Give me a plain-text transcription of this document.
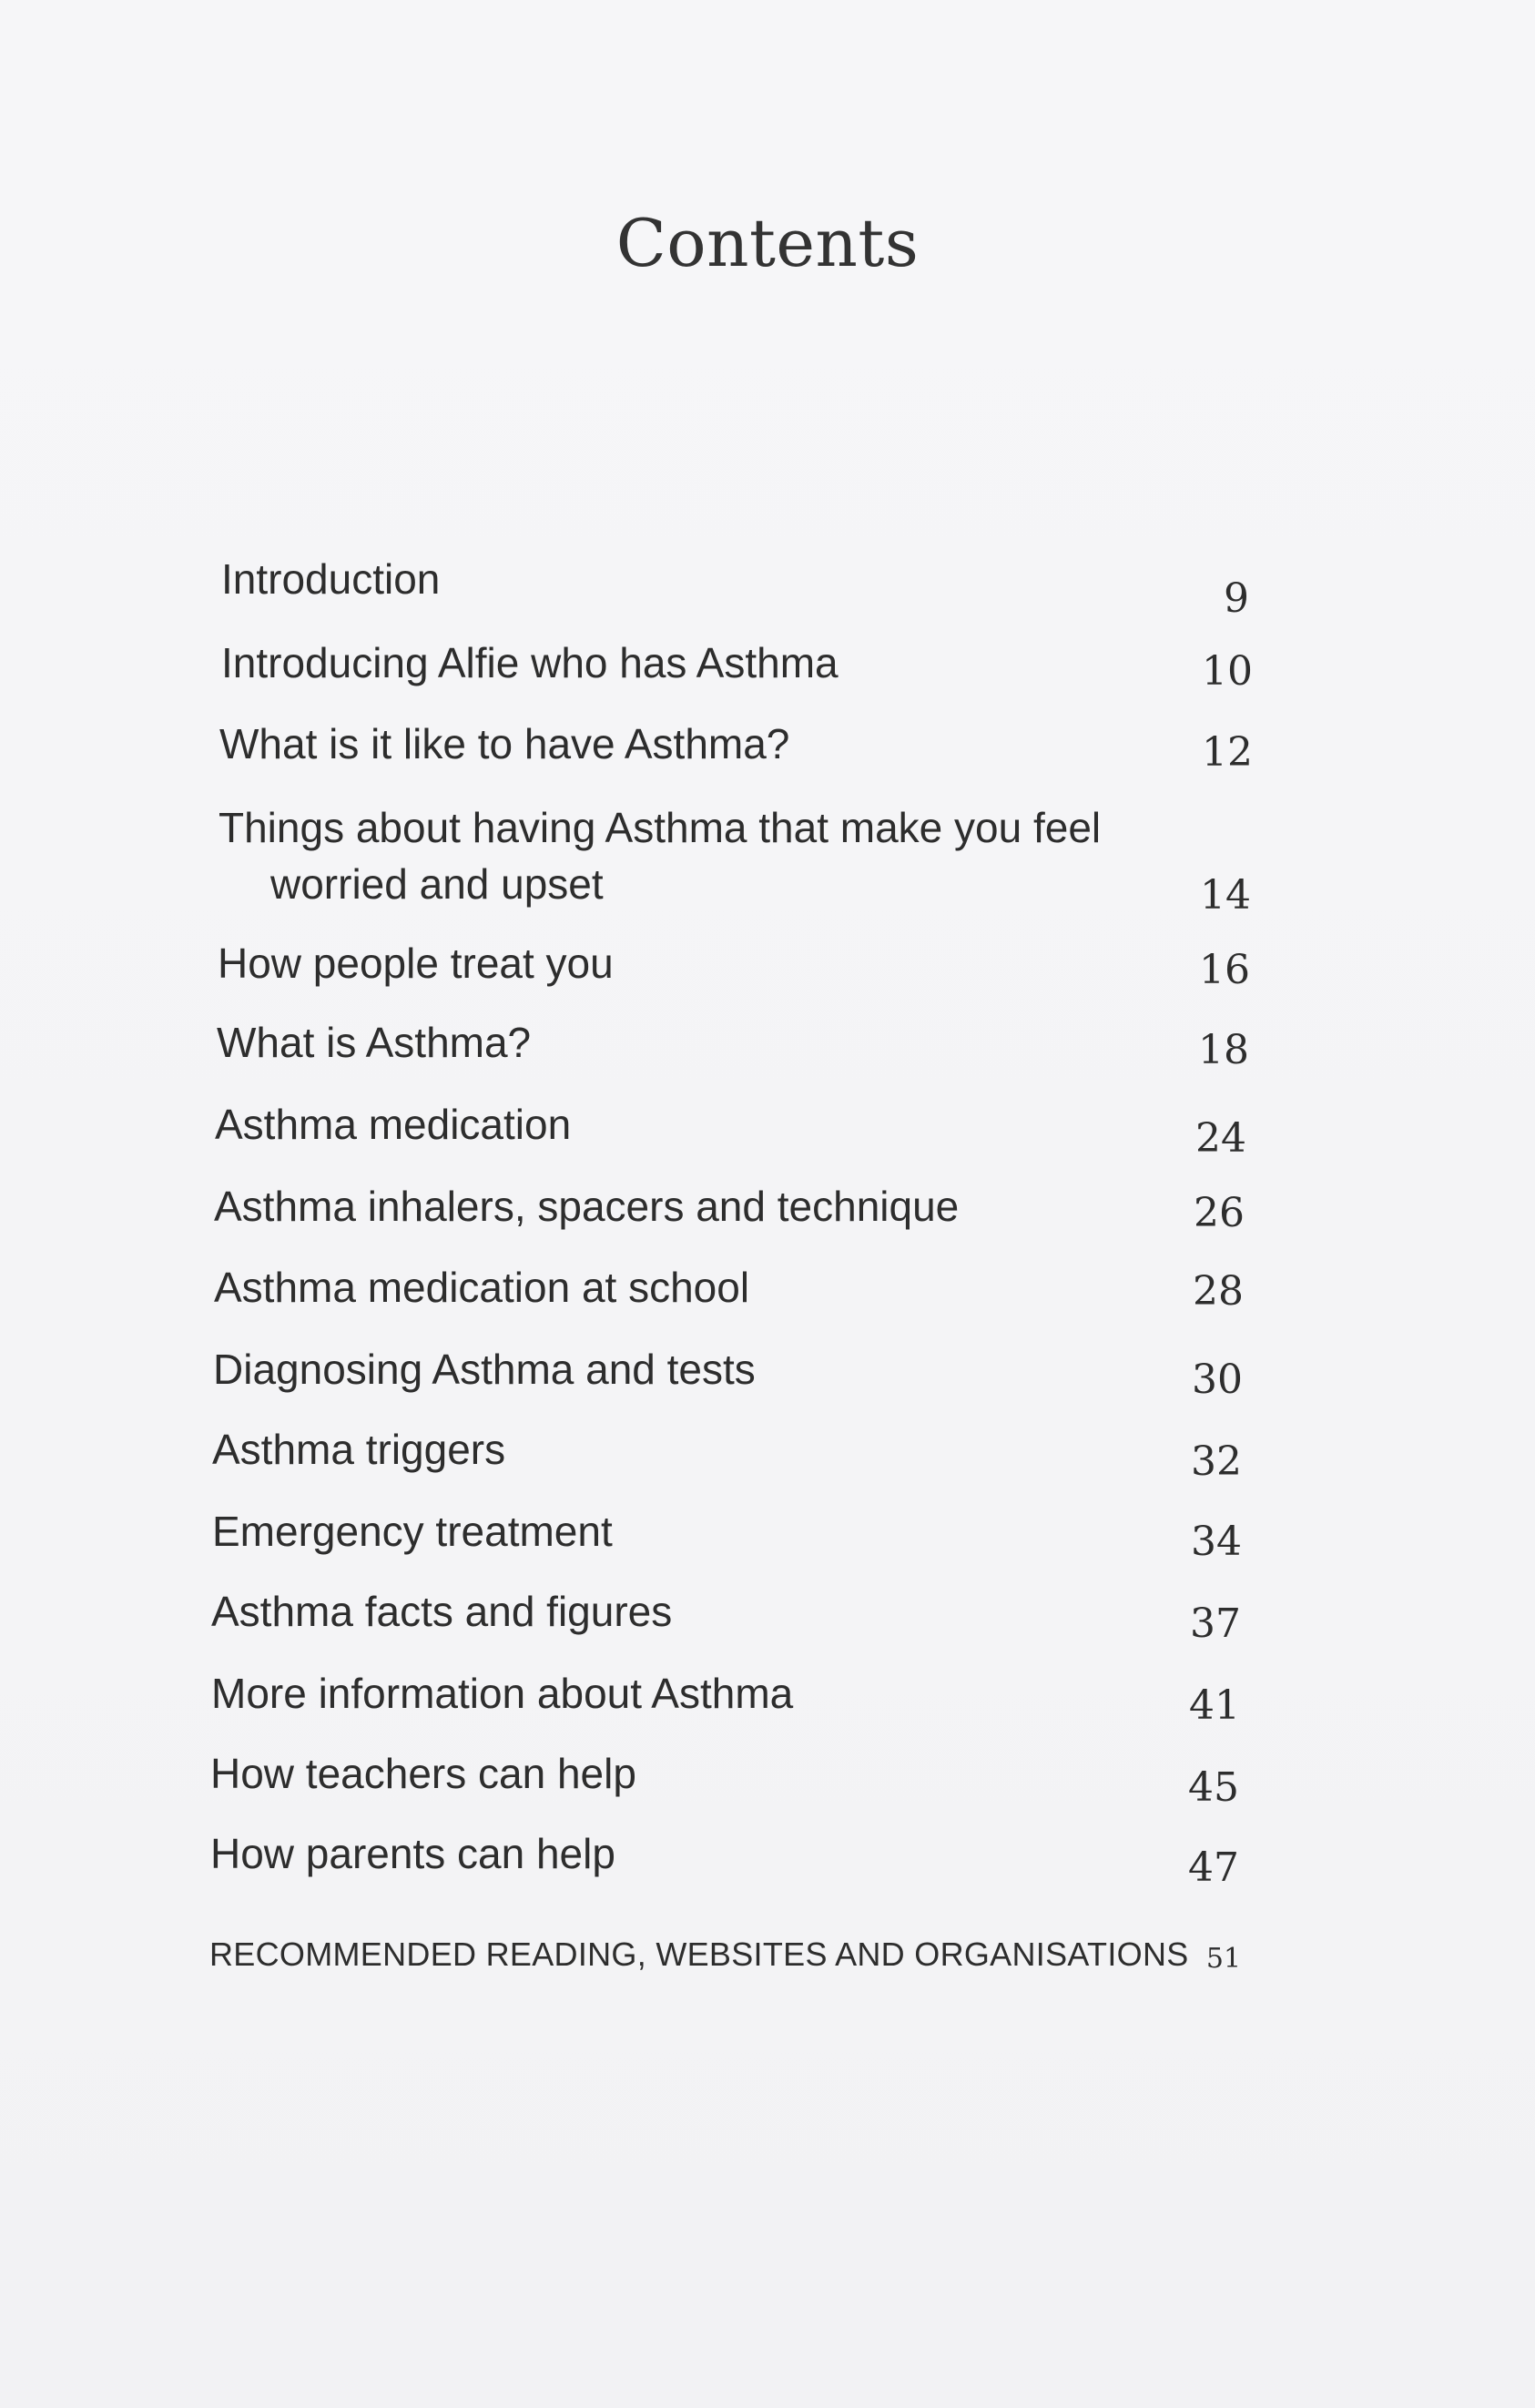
Contents
Introduction	9
Introducing Alfie who has Asthma	10
What is it like to have Asthma?	12
Things about having Asthma that make you feel
worried and upset	14
How people treat you	16
What is Asthma?	18
Asthma medication	24
Asthma inhalers, spacers and technique	26
Asthma medication at school	28
Diagnosing Asthma and tests	30
Asthma triggers	32
Emergency treatment	34
Asthma facts and figures	37
More information about Asthma	41
How teachers can help	45
How parents can help	47
RECOMMENDED READING, WEBSITES AND ORGANISATIONS 51
